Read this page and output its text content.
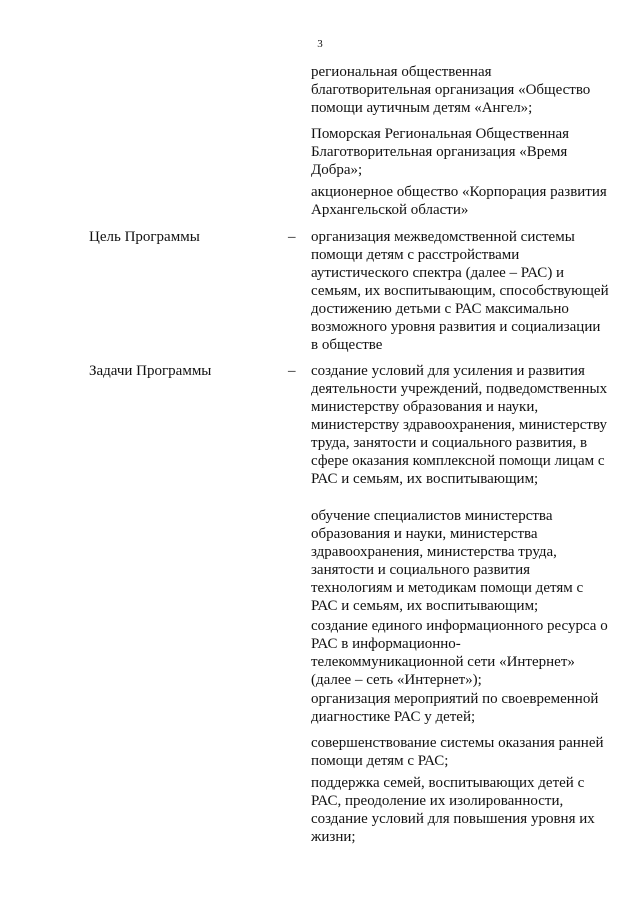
3

региональная общественная благотворительная организация «Общество помощи аутичным детям «Ангел»;

Поморская Региональная Общественная Благотворительная организация «Время Добра»;

акционерное общество «Корпорация развития Архангельской области»

Цель Программы	– организация межведомственной системы помощи детям с расстройствами аутистического спектра (далее – РАС) и семьям, их воспитывающим, способствующей достижению детьми с РАС максимально возможного уровня развития и социализации в обществе

Задачи Программы	– создание условий для усиления и развития деятельности учреждений, подведомственных министерству образования и науки, министерству здравоохранения, министерству труда, занятости и социального развития, в сфере оказания комплексной помощи лицам с РАС и семьям, их воспитывающим;

обучение специалистов министерства образования и науки, министерства здравоохранения, министерства труда, занятости и социального развития технологиям и методикам помощи детям с РАС и семьям, их воспитывающим;

создание единого информационного ресурса о РАС в информационно-телекоммуникационной сети «Интернет» (далее – сеть «Интернет»);

организация мероприятий по своевременной диагностике РАС у детей;

совершенствование системы оказания ранней помощи детям с РАС;

поддержка семей, воспитывающих детей с РАС, преодоление их изолированности, создание условий для повышения уровня их жизни;
